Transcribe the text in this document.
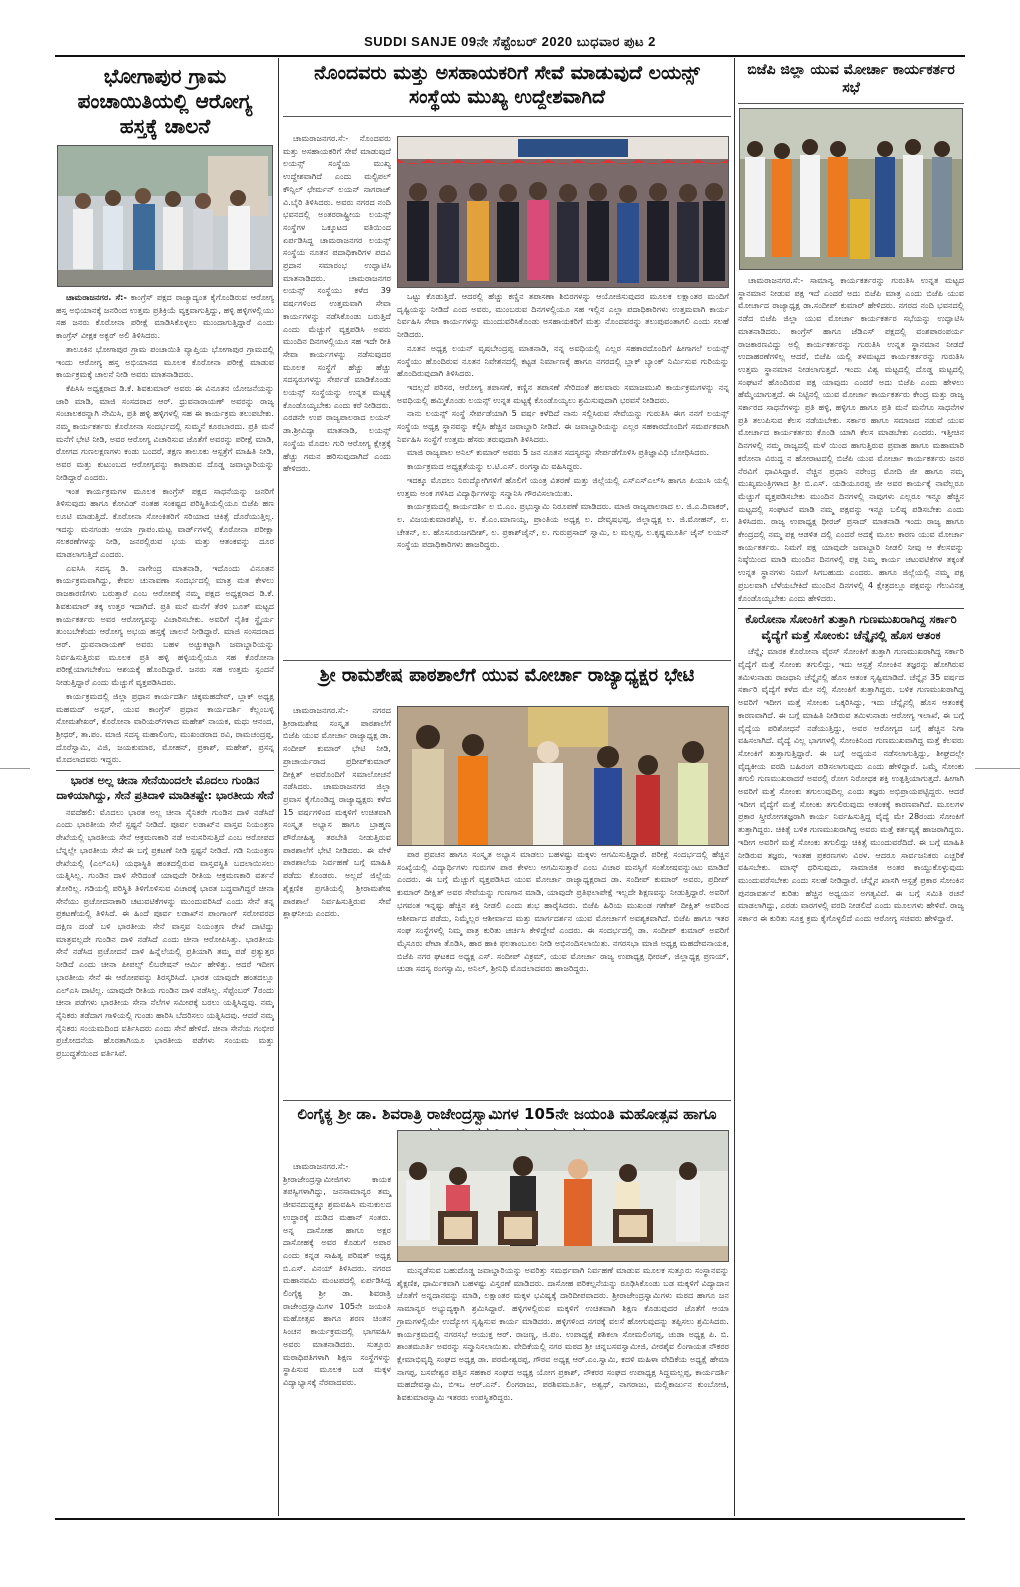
SUDDI SANJE 09ನೇ ಸೆಪ್ಟೆಂಬರ್ 2020 ಬುಧವಾರ ಪುಟ 2
ಭೋಗಾಪುರ ಗ್ರಾಮ ಪಂಚಾಯಿತಿಯಲ್ಲಿ ಆರೋಗ್ಯ ಹಸ್ತಕ್ಕೆ ಚಾಲನೆ

ಚಾಮರಾಜನಗರ. ಸೆ:- ಕಾಂಗ್ರೆಸ್ ಪಕ್ಷದ ರಾಜ್ಯಾದ್ಯಂತ ಕೈಗೊಂಡಿರುವ ಆರೋಗ್ಯ ಹಸ್ತ ಅಭಿಯಾನಕ್ಕೆ ಜನರಿಂದ ಉತ್ತಮ ಪ್ರತಿಕ್ರಿಯೆ ವ್ಯಕ್ತವಾಗುತ್ತಿದ್ದು, ಹಳ್ಳಿ ಹಳ್ಳಿಗಳಲ್ಲಿಯು ಸಹ ಜನರು ಕೊರೋನಾ ಪರೀಕ್ಷೆ ಮಾಡಿಸಿಕೊಳ್ಳಲು ಮುಂದಾಗುತ್ತಿದ್ದಾರೆ ಎಂದು ಕಾಂಗ್ರೆಸ್ ವೀಕ್ಷಕ ಅಕ್ಬರ್ ಅಲಿ ತಿಳಿಸಿದರು.

ತಾಲೂಕಿನ ಭೋಗಾಪುರ ಗ್ರಾಮ ಪಂಚಾಯಿತಿ ವ್ಯಾಪ್ತಿಯ ಭೋಗಾಪುರ ಗ್ರಾಮದಲ್ಲಿ ಇಂದು ಆರೋಗ್ಯ ಹಸ್ತ ಅಭಿಯಾನದ ಮೂಲಕ ಕೊರೋನಾ ಪರೀಕ್ಷೆ ಮಾಡುವ ಕಾರ್ಯಕ್ರಮಕ್ಕೆ ಚಾಲನೆ ನೀಡಿ ಅವರು ಮಾತನಾಡಿದರು.

ಕೆಪಿಸಿಸಿ ಅಧ್ಯಕ್ಷರಾದ ಡಿ.ಕೆ. ಶಿವಕುಮಾರ್ ಅವರು ಈ ವಿನೂತನ ಯೋಜನೆಯನ್ನು ಜಾರಿ ಮಾಡಿ, ಮಾಜಿ ಸಂಸದರಾದ ಆರ್. ಧ್ರುವನಾರಾಯಣ್ ಅವರನ್ನು ರಾಜ್ಯ ಸಂಚಾಲಕರನ್ನಾಗಿ ನೇಮಿಸಿ, ಪ್ರತಿ ಹಳ್ಳಿ ಹಳ್ಳಿಗಳಲ್ಲಿ ಸಹ ಈ ಕಾರ್ಯಕ್ರಮ ತಲುಪಬೇಕು. ನಮ್ಮ ಕಾರ್ಯಕರ್ತರು ಕೊರೋನಾ ಸಂದರ್ಭದಲ್ಲಿ ಸುಮ್ಮನೆ ಕೂರಬಾರದು. ಪ್ರತಿ ಮನೆ ಮನೆಗೆ ಭೇಟಿ ನೀಡಿ, ಅವರ ಆರೋಗ್ಯ ವಿಚಾರಿಸುವ ಜೊತೆಗೆ ಅವರನ್ನು ಪರೀಕ್ಷೆ ಮಾಡಿ, ರೋಗದ ಗುಣಲಕ್ಷಣಗಳು ಕಂಡು ಬಂದರೆ, ತಕ್ಷಣ ತಾಲೂಕು ಆಸ್ಪತ್ರೆಗೆ ಮಾಹಿತಿ ನೀಡಿ, ಅವರ ಮತ್ತು ಕುಟುಂಬದ ಆರೋಗ್ಯವನ್ನು ಕಾಪಾಡುವ ದೊಡ್ಡ ಜವಾಬ್ದಾರಿಯನ್ನು ನೀಡಿದ್ದಾರೆ ಎಂದರು.

ಇಂತ ಕಾರ್ಯಕ್ರಮಗಳ ಮೂಲಕ ಕಾಂಗ್ರೆಸ್ ಪಕ್ಷದ ಸಾಧನೆಯನ್ನು ಜನರಿಗೆ ತಿಳಿಸುವುದು ಹಾಗೂ ಕೋವಿಡ್ ನಂತಹ ಸಂಕಷ್ಟದ ಪರಿಸ್ಥಿತಿಯಲ್ಲಿಯೂ ಬಿಜೆಪಿ ಹಣ ಲೂಟಿ ಮಾಡುತ್ತಿದೆ. ಕೊರೋನಾ ಸೋಂಕಿತರಿಗೆ ಸರಿಯಾದ ಚಿಕಿತ್ಸೆ ದೊರೆಯುತ್ತಿಲ್ಲ. ಇದನ್ನು ಮನಗಂಡು ಆಯಾ ಗ್ರಾಪಂ.ಮಟ್ಟ ವಾರ್ಡ್‌ಗಳಲ್ಲಿ ಕೊರೋನಾ ಪರೀಕ್ಷಾ ಸಲಕರಣೆಗಳನ್ನು ನೀಡಿ, ಜನರಲ್ಲಿರುವ ಭಯ ಮತ್ತು ಆತಂಕವನ್ನು ದೂರ ಮಾಡಲಾಗುತ್ತಿದೆ ಎಂದರು.

ಎಐಸಿಸಿ ಸದಸ್ಯ ಡಿ. ನಾಗೇಂದ್ರ ಮಾತನಾಡಿ, ಇದೊಂದು ವಿನೂತನ ಕಾರ್ಯಕ್ರಮವಾಗಿದ್ದು, ಕೇವಲ ಚುನಾವಣಾ ಸಂದರ್ಭದಲ್ಲಿ ಮಾತ್ರ ಮತ ಕೇಳಲು ರಾಜಕಾರಣಿಗಳು ಬರುತ್ತಾರೆ ಎಂಬ ಆರೋಪಕ್ಕೆ ನಮ್ಮ ಪಕ್ಷದ ಅಧ್ಯಕ್ಷರಾದ ಡಿ.ಕೆ. ಶಿವಕುಮಾರ್ ತಕ್ಕ ಉತ್ತರ ಇದಾಗಿದೆ. ಪ್ರತಿ ಮನೆ ಮನೆಗೆ ತೆರಳಿ ಬೂತ್ ಮಟ್ಟದ ಕಾರ್ಯಕರ್ತರು ಅವರ ಆರೋಗ್ಯವನ್ನು ವಿಚಾರಿಸಬೇಕು. ಅವರಿಗೆ ನೈತಿಕ ಸ್ಥೈರ್ಯ ತುಂಬಬೇಕೆಂದು ಆರೋಗ್ಯ ಅಭಯ ಹಸ್ತಕ್ಕೆ ಚಾಲನೆ ನೀಡಿದ್ದಾರೆ. ಮಾಜಿ ಸಂಸದರಾದ ಆರ್. ಧ್ರುವನಾರಾಯಣ್ ಅವರು ಬಹಳ ಅಚ್ಚುಕಟ್ಟಾಗಿ ಜವಾಬ್ದಾರಿಯನ್ನು ನಿರ್ವಹಿಸುತ್ತಿರುವ ಮೂಲಕ ಪ್ರತಿ ಹಳ್ಳಿ ಹಳ್ಳಿಯಲ್ಲಿಯೂ ಸಹ ಕೊರೋನಾ ಪರೀಕ್ಷೆಯಾಗಬೇಕೆಂಬ ಆಶಯಕ್ಕೆ ಹೊಂದಿದ್ದಾರೆ. ಜನರು ಸಹ ಉತ್ತಮ ಸ್ಪಂದನೆ ನೀಡುತ್ತಿದ್ದಾರೆ ಎಂದು ಮೆಚ್ಚುಗೆ ವ್ಯಕ್ತಪಡಿಸಿದರು.

ಕಾರ್ಯಕ್ರಮದಲ್ಲಿ ಜಿಲ್ಲಾ ಪ್ರಧಾನ ಕಾರ್ಯದರ್ಶಿ ಚಿಕ್ಕಮಹದೇವ್, ಬ್ಲಾಕ್ ಅಧ್ಯಕ್ಷ ಮಹಮದ್ ಅಸ್ಗರ್, ಯುವ ಕಾಂಗ್ರೆಸ್ ಪ್ರಧಾನ ಕಾರ್ಯದರ್ಶಿ ಕೆಲ್ಲಂಬಳ್ಳಿ ಸೋಮಶೇಖರ್, ಕೊರೋನಾ ವಾರಿಯರ್‌ಗಳಾದ ಮಹೇಶ್ ನಾಯಕ, ಮಧು ಆನಂದ, ಶ್ರೀಧರ್, ತಾ.ಪಂ. ಮಾಜಿ ಸದಸ್ಯ ಮಹಾಲಿಂಗು, ಮುಖಂಡರಾದ ರವಿ, ರಾಮಚಂದ್ರಪ್ಪ, ದೊರೆಸ್ವಾಮಿ, ವಿಜಿ, ಜಯಕುಮಾರ, ಮೋಹನ್, ಪ್ರಕಾಶ್, ಮಹೇಶ್, ಪ್ರಸನ್ನ ಮೊದಲಾದವರು ಇದ್ದರು.

ಭಾರತ ಅಲ್ಲ ಚೀನಾ ಸೇನೆಯಿಂದಲೇ ಮೊದಲು ಗುಂಡಿನ ದಾಳಿಯಾಗಿದ್ದು, ಸೇನೆ ಪ್ರತಿದಾಳಿ ಮಾಡಿತಷ್ಟೇ: ಭಾರತೀಯ ಸೇನೆ

ನವದೆಹಲಿ: ಮೊದಲು ಭಾರತ ಅಲ್ಲ ಚೀನಾ ಸೈನಿಕರೇ ಗುಂಡಿನ ದಾಳಿ ನಡೆಸಿದೆ ಎಂದು ಭಾರತೀಯ ಸೇನೆ ಸ್ಪಷ್ಟನೆ ನೀಡಿದೆ. ಪೂರ್ವ ಲಡಾಖ್‌ನ ವಾಸ್ತವ ನಿಯಂತ್ರಣ ರೇಖೆಯಲ್ಲಿ ಭಾರತೀಯ ಸೇನೆ ಆಕ್ರಮಣಕಾರಿ ನಡೆ ಅನುಸರಿಸುತ್ತಿದೆ ಎಂಬ ಆರೋಪದ ಬೆನ್ನಲ್ಲೇ ಭಾರತೀಯ ಸೇನೆ ಈ ಬಗ್ಗೆ ಪ್ರಕಟಣೆ ನೀಡಿ ಸ್ಪಷ್ಟನೆ ನೀಡಿದೆ. ಗಡಿ ನಿಯಂತ್ರಣ ರೇಖೆಯಲ್ಲಿ (ಎಲ್‌ಎಸಿ) ಯಥಾಸ್ಥಿತಿ ಹಂತದಲ್ಲಿರುವ ವಾಸ್ತವಸ್ಥಿತಿ ಬದಲಾಯಿಸಲು ಯತ್ನಿಸಿಲ್ಲ. ಗುಂಡಿನ ದಾಳಿ ಸೇರಿದಂತೆ ಯಾವುದೇ ರೀತಿಯ ಆಕ್ರಮಣಕಾರಿ ವರ್ತನೆ ತೋರಿಲ್ಲ. ಗಡಿಯಲ್ಲಿ ಪರಿಸ್ಥಿತಿ ತಿಳಿಗೊಳಿಸುವ ವಿಚಾರಕ್ಕೆ ಭಾರತ ಬದ್ಧವಾಗಿದ್ದರೆ ಚೀನಾ ಸೇನೆಯು ಪ್ರಚೋದನಾಕಾರಿ ಚಟುವಟಿಕೆಗಳನ್ನು ಮುಂದುವರಿಸಿದೆ ಎಂದು ಸೇನೆ ತನ್ನ ಪ್ರಕಟಣೆಯಲ್ಲಿ ತಿಳಿಸಿದೆ. ಈ ಹಿಂದೆ ಪೂರ್ವ ಲಡಾಖ್‌ನ ಪಾಂಗಾಂಗ್ ಸರೋವರದ ದಕ್ಷಿಣ ದಂಡೆ ಬಳಿ ಭಾರತೀಯ ಸೇನೆ ವಾಸ್ತವ ನಿಯಂತ್ರಣ ರೇಖೆ ದಾಟಿದ್ದು ಮಾತ್ರವಲ್ಲದೇ ಗುಂಡಿನ ದಾಳಿ ನಡೆಸಿದೆ ಎಂದು ಚೀನಾ ಆರೋಪಿಸಿತ್ತು. ಭಾರತೀಯ ಸೇನೆ ನಡೆಸಿದ ಪ್ರಚೋದನೆ ದಾಳಿ ಹಿನ್ನೆಲೆಯಲ್ಲಿ ಪ್ರತಿಯಾಗಿ ತಮ್ಮ ಪಡೆ ಪ್ರತ್ಯುತ್ತರ ನೀಡಿದೆ ಎಂದು ಚೀನಾ ಪೀಪಲ್ಸ್ ಲಿಬರೇಷನ್ ಆರ್ಮಿ ಹೇಳಿತ್ತು. ಆದರೆ ಇದೀಗ ಭಾರತೀಯ ಸೇನೆ ಈ ಆರೋಪವನ್ನು ತಿರಸ್ಕರಿಸಿದೆ. ಭಾರತ ಯಾವುದೇ ಹಂತದಲ್ಲೂ ಎಲ್‌ಎಸಿ ದಾಟಿಲ್ಲ. ಯಾವುದೇ ರೀತಿಯ ಗುಂಡಿನ ದಾಳಿ ನಡೆಸಿಲ್ಲ. ಸೆಪ್ಟೆಂಬರ್ 7ರಂದು ಚೀನಾ ಪಡೆಗಳು ಭಾರತೀಯ ಸೇನಾ ನೆಲೆಗಳ ಸಮೀಪಕ್ಕೆ ಬರಲು ಯತ್ನಿಸಿದ್ದವು. ನಮ್ಮ ಸೈನಿಕರು ತಡೆದಾಗ ಗಾಳಿಯಲ್ಲಿ ಗುಂಡು ಹಾರಿಸಿ ಬೆದರಿಸಲು ಯತ್ನಿಸಿದವು. ಆದರೆ ನಮ್ಮ ಸೈನಿಕರು ಸಂಯಮದಿಂದ ವರ್ತಿಸಿದರು ಎಂದು ಸೇನೆ ಹೇಳಿದೆ. ಚೀನಾ ಸೇನೆಯ ಗಂಭೀರ ಪ್ರಚೋದನೆಯ ಹೊರತಾಗಿಯೂ ಭಾರತೀಯ ಪಡೆಗಳು ಸಂಯಮ ಮತ್ತು ಪ್ರಬುದ್ಧತೆಯಿಂದ ವರ್ತಿಸಿವೆ.

ನೊಂದವರು ಮತ್ತು ಅಸಹಾಯಕರಿಗೆ ಸೇವೆ ಮಾಡುವುದೆ ಲಯನ್ಸ್ ಸಂಸ್ಥೆಯ ಮುಖ್ಯ ಉದ್ದೇಶವಾಗಿದೆ

ಚಾಮರಾಜನಗರ.ಸೆ:- ನೊಂದವರು ಮತ್ತು ಅಸಹಾಯಕರಿಗೆ ಸೇವೆ ಮಾಡುವುದೆ ಲಯನ್ಸ್ ಸಂಸ್ಥೆಯ ಮುಖ್ಯ ಉದ್ದೇಶವಾಗಿದೆ ಎಂದು ಮಲ್ಟಿಪಲ್ ಕೌನ್ಸಿಲ್ ಛೇರ್ಮನ್ ಲಯನ್ ನಾಗರಾಜ್ ವಿ.ಬೈರಿ ತಿಳಿಸಿದರು. ಅವರು ನಗರದ ನಂದಿ ಭವನದಲ್ಲಿ ಅಂತರರಾಷ್ಟ್ರೀಯ ಲಯನ್ಸ್ ಸಂಸ್ಥೆಗಳ ಒಕ್ಕೂಟದ ವತಿಯಿಂದ ಏರ್ಪಡಿಸಿದ್ದ ಚಾಮರಾಜನಗರ ಲಯನ್ಸ್ ಸಂಸ್ಥೆಯ ನೂತನ ಪದಾಧಿಕಾರಿಗಳ ಪದವಿ ಪ್ರದಾನ ಸಮಾರಂಭ ಉದ್ಘಾಟಿಸಿ ಮಾತನಾಡಿದರು. ಚಾಮರಾಜನಗರ ಲಯನ್ಸ್ ಸಂಸ್ಥೆಯು ಕಳೆದ 39 ವರ್ಷಗಳಿಂದ ಉತ್ತಮವಾಗಿ ಸೇವಾ ಕಾರ್ಯಗಳನ್ನು ನಡೆಸಿಕೊಂಡು ಬರುತ್ತಿದೆ ಎಂದು ಮೆಚ್ಚುಗೆ ವ್ಯಕ್ತಪಡಿಸಿ ಅವರು ಮುಂದಿನ ದಿನಗಳಲ್ಲಿಯೂ ಸಹ ಇದೇ ರೀತಿ ಸೇವಾ ಕಾರ್ಯಗಳನ್ನು ನಡೆಸುವುದರ ಮೂಲಕ ಸಂಸ್ಥೆಗೆ ಹೆಚ್ಚು ಹೆಚ್ಚು ಸದಸ್ಯರುಗಳನ್ನು ಸೇರ್ಪಡೆ ಮಾಡಿಕೊಂಡು ಲಯನ್ಸ್ ಸಂಸ್ಥೆಯನ್ನು ಉನ್ನತ ಮಟ್ಟಕ್ಕೆ ಕೊಂಡೊಯ್ಯಬೇಕು ಎಂದು ಕರೆ ನೀಡಿದರು. ಎರಡನೇ ಉಪ ರಾಜ್ಯಪಾಲರಾದ ಲಯನ್ ಡಾ.ಶ್ರೀವಿದ್ಯಾ ಮಾತನಾಡಿ, ಲಯನ್ಸ್ ಸಂಸ್ಥೆಯ ಮೊದಲ ಗುರಿ ಆರೋಗ್ಯ ಕ್ಷೇತ್ರಕ್ಕೆ ಹೆಚ್ಚು ಗಮನ ಹರಿಸುವುದಾಗಿದೆ ಎಂದು ಹೇಳಿದರು.

ಒಟ್ಟು ಕೊಡುತ್ತಿದೆ. ಆದರಲ್ಲಿ ಹೆಚ್ಚು ಕಣ್ಣಿನ ತಪಾಸಣಾ ಶಿಬಿರಗಳನ್ನು ಆಯೋಜಿಸುವುದರ ಮೂಲಕ ಲಕ್ಷಾಂತರ ಮಂದಿಗೆ ದೃಷ್ಟಿಯನ್ನು ನೀಡಿದೆ ಎಂದ ಅವರು, ಮುಂಬರುವ ದಿನಗಳಲ್ಲಿಯೂ ಸಹ ಇಲ್ಲಿನ ಎಲ್ಲಾ ಪದಾಧಿಕಾರಿಗಳು ಉತ್ತಮವಾಗಿ ಕಾರ್ಯ ನಿರ್ವಹಿಸಿ ಸೇವಾ ಕಾರ್ಯಗಳನ್ನು ಮುಂದುವರಿಸಿಕೊಂಡು ಅಸಹಾಯಕರಿಗೆ ಮತ್ತು ನೊಂದವರನ್ನು ತಲುಪುವಂತಾಗಲಿ ಎಂದು ಸಲಹೆ ನೀಡಿದರು.

ನೂತನ ಅಧ್ಯಕ್ಷ ಲಯನ್ ವೃಷಬೇಂದ್ರಪ್ಪ ಮಾತನಾಡಿ, ನನ್ನ ಅವಧಿಯಲ್ಲಿ ಎಲ್ಲರ ಸಹಕಾರದೊಂದಿಗೆ ಹೀಗಾಗಲೆ ಲಯನ್ಸ್ ಸಂಸ್ಥೆಯು ಹೊಂದಿರುವ ನೂತನ ನಿವೇಶನದಲ್ಲಿ ಕಟ್ಟಡ ನಿರ್ಮಾಣಕ್ಕೆ ಹಾಗೂ ನಗರದಲ್ಲಿ ಬ್ಲಾಕ್ ಬ್ಯಾಂಕ್ ನಿರ್ಮಿಸುವ ಗುರಿಯನ್ನು ಹೊಂದಿರುವುದಾಗಿ ತಿಳಿಸಿದರು.

ಇದಲ್ಲದೆ ಪರಿಸರ, ಆರೋಗ್ಯ ತಪಾಸಣೆ, ಕಣ್ಣಿನ ತಪಾಸಣೆ ಸೇರಿದಂತೆ ಹಲವಾರು ಸಮಾಜಮುಖಿ ಕಾರ್ಯಕ್ರಮಗಳನ್ನು ನನ್ನ ಅವಧಿಯಲ್ಲಿ ಹಮ್ಮಿಕೊಂಡು ಲಯನ್ಸ್ ಉನ್ನತ ಮಟ್ಟಕ್ಕೆ ಕೊಂಡೊಯ್ಯಲು ಶ್ರಮಿಸುವುದಾಗಿ ಭರವಸೆ ನೀಡಿದರು.

ನಾನು ಲಯನ್ಸ್ ಸಂಸ್ಥೆ ಸೇರ್ಪಡೆಯಾಗಿ 5 ವರ್ಷ ಕಳೆದಿದೆ ನಾನು ಸಲ್ಲಿಸಿರುವ ಸೇವೆಯನ್ನು ಗುರುತಿಸಿ ಈಗ ನನಗೆ ಲಯನ್ಸ್ ಸಂಸ್ಥೆಯ ಅಧ್ಯಕ್ಷ ಸ್ಥಾನವನ್ನು ಕಲ್ಪಿಸಿ ಹೆಚ್ಚಿನ ಜವಾಬ್ದಾರಿ ನೀಡಿದೆ. ಈ ಜವಾಬ್ದಾರಿಯನ್ನು ಎಲ್ಲರ ಸಹಕಾರದೊಂದಿಗೆ ಸಮರ್ಪಕವಾಗಿ ನಿರ್ವಹಿಸಿ ಸಂಸ್ಥೆಗೆ ಉತ್ತಮ ಹೆಸರು ತರುವುದಾಗಿ ತಿಳಿಸಿದರು.

ಮಾಜಿ ರಾಜ್ಯಪಾಲ ಅನಿಲ್ ಕುಮಾರ್ ಅವರು 5 ಜನ ನೂತನ ಸದಸ್ಯರನ್ನು ಸೇರ್ಪಡೆಗೊಳಿಸಿ ಪ್ರತಿಜ್ಞಾವಿಧಿ ಬೋಧಿಸಿದರು.

ಕಾರ್ಯಕ್ರಮದ ಅಧ್ಯಕ್ಷತೆಯನ್ನು ಲ.ಟಿ.ಎಸ್. ರಂಗಸ್ವಾಮಿ ವಹಿಸಿದ್ದರು.

ಇದಕ್ಕೂ ಮೊದಲು ನಿರುದ್ಯೋಗಿಗಳಿಗೆ ಹೊಲಿಗೆ ಯಂತ್ರ ವಿತರಣೆ ಮತ್ತು ಜಿಲ್ಲೆಯಲ್ಲಿ ಎಸ್‌ಎಸ್‌ಎಲ್‌ಸಿ ಹಾಗೂ ಪಿಯುಸಿ ಯಲ್ಲಿ ಉತ್ತಮ ಅಂಕ ಗಳಿಸಿದ ವಿದ್ಯಾರ್ಥಿಗಳನ್ನು ಸನ್ಮಾನಿಸಿ ಗೌರವಿಸಲಾಯಿತು.

ಕಾರ್ಯಕ್ರಮದಲ್ಲಿ ಕಾರ್ಯದರ್ಶಿ ಲ ಬಿ.ಎಂ. ಪ್ರಭುಸ್ವಾಮಿ ನಿರೂಪಣೆ ಮಾಡಿದರು. ಮಾಜಿ ರಾಜ್ಯಪಾಲರಾದ ಲ. ಜಿ.ಎ.ದಿವಾಕರ್, ಲ. ವಿಜಯಕುಮಾರಶೆಟ್ಟಿ, ಲ. ಕೆ.ಎಂ.ಮಾಣಯ್ಯ, ಪ್ರಾಂತಿಯ ಅಧ್ಯಕ್ಷ ಲ. ದೇವೃಷಭಪ್ಪ, ಜಿಲ್ಲಾಧ್ಯಕ್ಷ ಲ. ಜಿ.ಮೋಹನ್, ಲ. ಚೇತನ್, ಲ. ಹೊಸೂರುಜಗದೀಶ್, ಲ. ಪ್ರಕಾಶ್‌ಜೈನ್, ಲ. ಗುರುಪ್ರಸಾದ್ ಸ್ವಾಮಿ, ಲ ಮಲ್ಲಪ್ಪ, ಲ.ಕೃಷ್ಣಮೂರ್ತಿ ಜೈನ್ ಲಯನ್ ಸಂಸ್ಥೆಯ ಪದಾಧಿಕಾರಿಗಳು ಹಾಜರಿದ್ದರು.

ಶ್ರೀ ರಾಮಶೇಷ ಪಾಠಶಾಲೆಗೆ ಯುವ ಮೋರ್ಚಾ ರಾಜ್ಯಾಧ್ಯಕ್ಷರ ಭೇಟಿ

ಚಾಮರಾಜನಗರ.ಸೆ:- ನಗರದ ಶ್ರೀರಾಮಶೇಷ ಸಂಸ್ಕೃತ ಪಾಠಶಾಲೆಗೆ ಬಿಜೆಪಿ ಯುವ ಮೋರ್ಚಾ ರಾಜ್ಯಾಧ್ಯಕ್ಷ ಡಾ. ಸಂದೀಪ್ ಕುಮಾರ್ ಭೇಟಿ ನೀಡಿ, ಪ್ರಾಚಾರ್ಯರಾದ ಪ್ರದೀಪ್‌ಕುಮಾರ್ ದೀಕ್ಷಿತ್ ಅವರೊಂದಿಗೆ ಸಮಾಲೋಚನೆ ನಡೆಸಿದರು. ಚಾಮರಾಜನಗರ ಜಿಲ್ಲಾ ಪ್ರವಾಸ ಕೈಗೊಂಡಿದ್ದ ರಾಜ್ಯಾಧ್ಯಕ್ಷರು ಕಳೆದ 15 ವರ್ಷಗಳಿಂದ ಮಕ್ಕಳಿಗೆ ಉಚಿತವಾಗಿ ಸಂಸ್ಕೃತ ಅಭ್ಯಾಸ ಹಾಗೂ ಬ್ರಾಹ್ಮಣ ಪೌರೋಹಿತ್ಯ ತರಬೇತಿ ನೀಡುತ್ತಿರುವ ಪಾಠಶಾಲೆಗೆ ಭೇಟಿ ನೀಡಿದರು. ಈ ವೇಳೆ ಪಾಠಶಾಲೆಯ ನಿರ್ವಹಣೆ ಬಗ್ಗೆ ಮಾಹಿತಿ ಪಡೆದು ಕೊಂಡರು. ಅಲ್ಲದೆ ಜಿಲ್ಲೆಯ ಶೈಕ್ಷಣಿಕ ಪ್ರಗತಿಯಲ್ಲಿ ಶ್ರೀರಾಮಶೇಷ ಪಾಠಶಾಲೆ ನಿರ್ವಹಿಸುತ್ತಿರುವ ಸೇವೆ ಶ್ಲಾಘನೀಯ ಎಂದರು.

ಪಾಠ ಪ್ರವಚನ ಹಾಗೂ ಸಂಸ್ಕೃತ ಅಭ್ಯಾಸ ಮಾಡಲು ಬಹಳಷ್ಟು ಮಕ್ಕಳು ಆಗಮಿಸುತ್ತಿದ್ದಾರೆ. ಪರೀಕ್ಷೆ ಸಂದರ್ಭದಲ್ಲಿ ಹೆಚ್ಚಿನ ಸಂಖ್ಯೆಯಲ್ಲಿ ವಿದ್ಯಾರ್ಥಿಗಳು ಗುರುಗಳ ಪಾಠ ಕೇಳಲು ಆಗಮಿಸುತ್ತಾರೆ ಎಂಬ ವಿಚಾರ ಮನಸ್ಸಿಗೆ ಸಂತೋಷವನ್ನುಂಟು ಮಾಡಿದೆ ಎಂದರು. ಈ ಬಗ್ಗೆ ಮೆಚ್ಚುಗೆ ವ್ಯಕ್ತಪಡಿಸಿದ ಯುವ ಮೋರ್ಚಾ ರಾಜ್ಯಾಧ್ಯಕ್ಷರಾದ ಡಾ. ಸಂದೀಪ್ ಕುಮಾರ್ ಅವರು, ಪ್ರದೀಪ್ ಕುಮಾರ್ ದೀಕ್ಷಿತ್ ಅವರ ಸೇವೆಯನ್ನು ಗುಣಗಾನ ಮಾಡಿ, ಯಾವುದೇ ಪ್ರತಿಫಲಾಪೇಕ್ಷೆ ಇಲ್ಲದೇ ಶಿಕ್ಷಣವನ್ನು ನೀಡುತ್ತಿದ್ದಾರೆ. ಅವರಿಗೆ ಭಗವಂತ ಇನ್ನಷ್ಟು ಹೆಚ್ಚಿನ ಶಕ್ತಿ ನೀಡಲಿ ಎಂದು ಶುಭ ಹಾರೈಸಿದರು. ಬಿಜೆಪಿ ಹಿರಿಯ ಮುಖಂಡ ಗಣೇಶ್ ದೀಕ್ಷಿತ್ ಅವರಿಂದ ಆಶೀರ್ವಾದ ಪಡೆದು, ನಿಮ್ಮೆಲ್ಲರ ಆಶೀರ್ವಾದ ಮತ್ತು ಮಾರ್ಗದರ್ಶನ ಯುವ ಮೋರ್ಚಾಗೆ ಅವಶ್ಯಕವಾಗಿದೆ. ಬಿಜೆಪಿ ಹಾಗೂ ಇತರ ಸಂಘ ಸಂಸ್ಥೆಗಳಲ್ಲಿ ನಿಮ್ಮ ಪಾತ್ರ ಕುರಿತು ಚರ್ಚಿಸಿ ಕೇಳಿದ್ದೇವೆ ಎಂದರು. ಈ ಸಂದರ್ಭದಲ್ಲಿ ಡಾ. ಸಂದೀಪ್ ಕುಮಾರ್ ಅವರಿಗೆ ಮೈಸೂರು ಪೇಟಾ ತೊಡಿಸಿ, ಹಾರ ಹಾಕಿ ಫಲತಾಂಬೂಲ ನೀಡಿ ಅಭಿನಂದಿಸಲಾಯಿತು. ನಗರಸಭಾ ಮಾಜಿ ಅಧ್ಯಕ್ಷ ಮಹದೇವನಾಯಕ, ಬಿಜೆಪಿ ನಗರ ಘಟಕದ ಅಧ್ಯಕ್ಷ ಎಸ್. ಸಂದೀಪ್ ವಿಕ್ರಮ್, ಯುವ ಮೋರ್ಚಾ ರಾಜ್ಯ ಉಪಾಧ್ಯಕ್ಷ ಧೀರಜ್, ಜಿಲ್ಲಾಧ್ಯಕ್ಷ ಪ್ರಣಯ್, ಚುಡಾ ಸದಸ್ಯ ರಂಗಸ್ವಾಮಿ, ಅನಿಲ್, ಶ್ರೀನಿಧಿ ಮೊದಲಾದವರು ಹಾಜರಿದ್ದರು.

ಲಿಂಗೈಕ್ಯ ಶ್ರೀ ಡಾ. ಶಿವರಾತ್ರಿ ರಾಜೇಂದ್ರಸ್ವಾಮಿಗಳ 105ನೇ ಜಯಂತಿ ಮಹೋತ್ಸವ ಹಾಗೂ

ಚಾಮರಾಜನಗರ.ಸೆ:- ಶ್ರೀರಾಜೇಂದ್ರಸ್ವಾಮೀಜಿಗಳು ಕಾಯಕ ತಪಸ್ವಿಗಳಾಗಿದ್ದು, ಜನಸಾಮಾನ್ಯರ ತಮ್ಮ ಜೀವನದುದ್ದಕ್ಕೂ ಶ್ರಮವಹಿಸಿ ಮನುಕುಲದ ಉದ್ಧಾರಕ್ಕೆ ದುಡಿದ ಮಹಾನ್ ಸಂತರು. ಅನ್ನ ದಾಸೋಹ ಹಾಗೂ ಅಕ್ಷರ ದಾಸೋಹಕ್ಕೆ ಅವರ ಕೊಡುಗೆ ಅಪಾರ ಎಂದು ಕನ್ನಡ ಸಾಹಿತ್ಯ ಪರಿಷತ್ ಅಧ್ಯಕ್ಷ ಬಿ.ಎಸ್. ವಿನಯ್ ತಿಳಿಸಿದರು. ನಗರದ ಮಹಾನವಮಿ ಮಂಟಪದಲ್ಲಿ ಏರ್ಪಡಿಸಿದ್ದ ಲಿಂಗೈಕ್ಯ ಶ್ರೀ ಡಾ. ಶಿವರಾತ್ರಿ ರಾಜೇಂದ್ರಸ್ವಾಮಿಗಳ 105ನೇ ಜಯಂತಿ ಮಹೋತ್ಸವ ಹಾಗೂ ಶರಣ ಚಿಂತನ ಸಿಂಚನ ಕಾರ್ಯಕ್ರಮದಲ್ಲಿ ಭಾಗವಹಿಸಿ ಅವರು ಮಾತನಾಡಿದರು. ಸುತ್ತೂರು ಮಠಾಧಿಪತಿಗಳಾಗಿ ಶಿಕ್ಷಣ ಸಂಸ್ಥೆಗಳನ್ನು ಸ್ಥಾಪಿಸುವ ಮೂಲಕ ಬಡ ಮಕ್ಕಳ ವಿದ್ಯಾಭ್ಯಾಸಕ್ಕೆ ನೆರವಾದವರು.

ಮುನ್ನಡೆಸುವ ಬಹುದೊಡ್ಡ ಜವಾಬ್ದಾರಿಯನ್ನು ಅವರಿತ್ತು ಸಮರ್ಥವಾಗಿ ನಿರ್ವಹಣೆ ಮಾಡುವ ಮೂಲಕ ಸುತ್ತೂರು ಸಂಸ್ಥಾನವನ್ನು ಶೈಕ್ಷಣಿಕ, ಧಾರ್ಮಿಕವಾಗಿ ಬಹಳಷ್ಟು ವಿಸ್ತರಣೆ ಮಾಡಿದರು. ದಾಸೋಹ ಪರಿಕಲ್ಪನೆಯನ್ನು ರೂಢಿಸಿಕೊಂಡು ಬಡ ಮಕ್ಕಳಿಗೆ ವಿದ್ಯಾದಾನ ಜೊತೆಗೆ ಅನ್ನದಾನವನ್ನು ಮಾಡಿ, ಲಕ್ಷಾಂತರ ಮಕ್ಕಳ ಭವಿಷ್ಯಕ್ಕೆ ದಾರಿದೀಪವಾದರು. ಶ್ರೀರಾಜೇಂದ್ರಸ್ವಾಮಿಗಳು ಮಠದ ಹಾಗೂ ಜನ ಸಾಮಾನ್ಯರ ಅಭ್ಯುದ್ಯಕ್ಕಾಗಿ ಶ್ರಮಿಸಿದ್ದಾರೆ. ಹಳ್ಳಿಗಳಲ್ಲಿರುವ ಮಕ್ಕಳಿಗೆ ಉಚಿತವಾಗಿ ಶಿಕ್ಷಣ ಕೊಡುವುದರ ಜೊತೆಗೆ ಆಯಾ ಗ್ರಾಮಗಳಲ್ಲಿಯೇ ಉದ್ಯೋಗ ಸೃಷ್ಟಿಸುವ ಕಾರ್ಯ ಮಾಡಿದರು. ಹಳ್ಳಿಗಳಿಂದ ನಗರಕ್ಕೆ ವಲಸೆ ಹೋಗುವುದನ್ನು ತಪ್ಪಿಸಲು ಶ್ರಮಿಸಿದರು. ಕಾರ್ಯಕ್ರಮದಲ್ಲಿ ನಗರಸಭೆ ಆಯುಕ್ತ ಆರ್. ರಾಜಣ್ಣ, ಜಿ.ಪಂ. ಉಪಾಧ್ಯಕ್ಷೆ ಶಶಿಕಲಾ ಸೋಮಲಿಂಗಪ್ಪ, ಚುಡಾ ಅಧ್ಯಕ್ಷ ಪಿ. ಬಿ. ಶಾಂತಮೂರ್ತಿ ಅವರನ್ನು ಸನ್ಮಾನಿಸಲಾಯಿತು. ವೇದಿಕೆಯಲ್ಲಿ ನಗರ ಮಠದ ಶ್ರೀ ಚನ್ನಬಸವಸ್ವಾಮೀಜಿ, ವೀರಶೈವ ಲಿಂಗಾಯತ ನೌಕರರ ಕ್ಷೇಮಾಭಿವೃದ್ಧಿ ಸಂಘದ ಅಧ್ಯಕ್ಷ ಡಾ. ಪರಮೇಶ್ವರಪ್ಪ, ಗೌರವ ಅಧ್ಯಕ್ಷ ಆರ್.ಎಂ.ಸ್ವಾಮಿ, ಕದಳಿ ಮಹಿಳಾ ವೇದಿಕೆಯ ಅಧ್ಯಕ್ಷೆ ಹೇಮಾ ನಾಗಪ್ಪ, ಬಸವೇಶ್ವರ ಪತ್ತಿನ ಸಹಕಾರ ಸಂಘದ ಅಧ್ಯಕ್ಷ ಯೋಗ ಪ್ರಕಾಶ್, ನೌಕರರ ಸಂಘದ ಉಪಾಧ್ಯಕ್ಷ ಸಿದ್ದಮಲ್ಲಪ್ಪ, ಕಾರ್ಯದರ್ಶಿ ಮಹದೇವಸ್ವಾಮಿ, ಬಿಇಒ ಆರ್.ಎನ್. ಲಿಂಗರಾಜು, ಪರಶಿವಮೂರ್ತಿ, ಅಶ್ವಥ್, ನಾಗರಾಜು, ಮಲ್ಲಿಕಾರ್ಜುನ ಕುಂಬೋಜಿ, ಶಿವಕುಮಾರಸ್ವಾಮಿ ಇತರರು ಉಪಸ್ಥಿತರಿದ್ದರು.

ಬಿಜೆಪಿ ಜಿಲ್ಲಾ ಯುವ ಮೋರ್ಚಾ ಕಾರ್ಯಕರ್ತರ ಸಭೆ

ಚಾಮರಾಜನಗರ.ಸೆ:- ಸಾಮಾನ್ಯ ಕಾರ್ಯಕರ್ತರನ್ನು ಗುರುತಿಸಿ ಉನ್ನತ ಮಟ್ಟದ ಸ್ಥಾನಮಾನ ನೀಡುವ ಪಕ್ಷ ಇದೆ ಎಂದರೆ ಅದು ಬಿಜೆಪಿ ಮಾತ್ರ ಎಂದು ಬಿಜೆಪಿ ಯುವ ಮೋರ್ಚಾದ ರಾಜ್ಯಾಧ್ಯಕ್ಷ ಡಾ.ಸಂದೀಪ್ ಕುಮಾರ್ ಹೇಳಿದರು. ನಗರದ ನಂದಿ ಭವನದಲ್ಲಿ ನಡೆದ ಬಿಜೆಪಿ ಜಿಲ್ಲಾ ಯುವ ಮೋರ್ಚಾ ಕಾರ್ಯಕರ್ತರ ಸಭೆಯನ್ನು ಉದ್ಘಾಟಿಸಿ ಮಾತನಾಡಿದರು. ಕಾಂಗ್ರೆಸ್ ಹಾಗೂ ಜೆಡಿಎಸ್ ಪಕ್ಷದಲ್ಲಿ ವಂಶಪಾರಂಪರ್ಯ ರಾಜಕಾರಣವಿದ್ದು ಅಲ್ಲಿ ಕಾರ್ಯಕರ್ತರನ್ನು ಗುರುತಿಸಿ ಉನ್ನತ ಸ್ಥಾನಮಾನ ನೀಡದೆ ಉದಾಹರಣೆಗಳಿಲ್ಲ ಆದರೆ, ಬಿಜೆಪಿ ಯಲ್ಲಿ ತಳಮಟ್ಟದ ಕಾರ್ಯಕರ್ತರನ್ನು ಗುರುತಿಸಿ ಉತ್ತಮ ಸ್ಥಾನಮಾನ ನೀಡಲಾಗುತ್ತದೆ. ಇಂದು ವಿಶ್ವ ಮಟ್ಟದಲ್ಲಿ ದೊಡ್ಡ ಮಟ್ಟದಲ್ಲಿ ಸಂಘಟನೆ ಹೊಂದಿರುವ ಪಕ್ಷ ಯಾವುದು ಎಂದರೆ ಅದು ಬಿಜೆಪಿ ಎಂದು ಹೇಳಲು ಹೆಮ್ಮೆಯಾಗುತ್ತದೆ. ಈ ನಿಟ್ಟಿನಲ್ಲಿ ಯುವ ಮೋರ್ಚಾ ಕಾರ್ಯಕರ್ತರು ಕೇಂದ್ರ ಮತ್ತು ರಾಜ್ಯ ಸರ್ಕಾರದ ಸಾಧನೆಗಳನ್ನು ಪ್ರತಿ ಹಳ್ಳಿ, ಹಳ್ಳಿಗೂ ಹಾಗೂ ಪ್ರತಿ ಮನೆ ಮನೆಗೂ ಸಾಧನೆಗಳ ಪ್ರತಿ ತಲುಪಿಸುವ ಕೆಲಸ ನಡೆಯಬೇಕು. ಸರ್ಕಾರ ಹಾಗೂ ಸಮಾಜದ ನಡುವೆ ಯುವ ಮೋರ್ಚಾದ ಕಾರ್ಯಕರ್ತರು ಕೊಂಡಿ ಯಾಗಿ ಕೆಲಸ ಮಾಡಬೇಕು ಎಂದರು. ಇತ್ತೀಚಿನ ದಿನಗಳಲ್ಲಿ ನಮ್ಮ ರಾಜ್ಯದಲ್ಲಿ ಮಳೆ ಯಿಂದ ಹಾಗುತ್ತಿರುವ ಪ್ರವಾಹ ಹಾಗೂ ಮಹಾಮಾರಿ ಕರೋನಾ ವಿರುದ್ಧ ನ ಹೋರಾಟದಲ್ಲಿ ಬಿಜೆಪಿ ಯುವ ಮೋರ್ಚಾ ಕಾರ್ಯಕರ್ತರು ಜನರ ನೆರವಿಗೆ ಧಾವಿಸಿದ್ದಾರೆ. ನೆಚ್ಚಿನ ಪ್ರಧಾನಿ ನರೇಂದ್ರ ಮೋದಿ ಜೀ ಹಾಗೂ ನಮ್ಮ ಮುಖ್ಯಮಂತ್ರಿಗಳಾದ ಶ್ರೀ ಬಿ.ಎಸ್. ಯಡಿಯೂರಪ್ಪ ಜೀ ಅವರ ಕಾರ್ಯಕ್ಕೆ ನಾವೆಲ್ಲರೂ ಮೆಚ್ಚುಗೆ ವ್ಯಕ್ತಪಡಿಸಬೇಕು ಮುಂದಿನ ದಿನಗಳಲ್ಲಿ ನಾವುಗಳು ಎಲ್ಲರೂ ಇನ್ನೂ ಹೆಚ್ಚಿನ ಮಟ್ಟದಲ್ಲಿ ಸಂಘಟನೆ ಮಾಡಿ ನಮ್ಮ ಪಕ್ಷವನ್ನು ಇನ್ನೂ ಬಲಿಷ್ಠ ಪಡಿಸಬೇಕು ಎಂದು ತಿಳಿಸಿದರು. ರಾಜ್ಯ ಉಪಾಧ್ಯಕ್ಷ ಧೀರಜ್ ಪ್ರಸಾದ್ ಮಾತನಾಡಿ ಇಂದು ರಾಜ್ಯ ಹಾಗೂ ಕೇಂದ್ರದಲ್ಲಿ ನಮ್ಮ ಪಕ್ಷ ಆಡಳಿತ ದಲ್ಲಿ ಎಂದರೆ ಅದಕ್ಕೆ ಮೂಲ ಕಾರಣ ಯುವ ಮೋರ್ಚಾ ಕಾರ್ಯಕರ್ತರು. ನಿಮಗೆ ಪಕ್ಷ ಯಾವುದೇ ಜವಾಬ್ದಾರಿ ನೀಡಲಿ ನೀವು ಆ ಕೆಲಸವನ್ನು ನಿಷ್ಠೆಯಿಂದ ಮಾಡಿ ಮುಂದಿನ ದಿನಗಳಲ್ಲಿ ಪಕ್ಷ ನಿಮ್ಮ ಕಾರ್ಯ ಚಟುವಟಿಕೆಗಳ ತಕ್ಕಂತೆ ಉನ್ನತ ಸ್ಥಾನಗಳು ನಿಮಗೆ ಸಿಗಬಹುದು ಎಂದರು. ಹಾಗೂ ಜಿಲ್ಲೆಯಲ್ಲಿ ನಮ್ಮ ಪಕ್ಷ ಪ್ರಬಲವಾಗಿ ಬೆಳೆಯಬೇಕಿದೆ ಮುಂದಿನ ದಿನಗಳಲ್ಲಿ 4 ಕ್ಷೇತ್ರದಲ್ಲೂ ಪಕ್ಷವನ್ನು ಗೆಲುವಿನತ್ತ ಕೊಂಡೊಯ್ಯಬೇಕು ಎಂದು ಹೇಳಿದರು.

ಕೊರೋನಾ ಸೋಂಕಿಗೆ ತುತ್ತಾಗಿ ಗುಣಮುಖರಾಗಿದ್ದ ಸರ್ಕಾರಿ ವೈದ್ಯೆಗೆ ಮತ್ತೆ ಸೋಂಕು: ಚೆನ್ನೈನಲ್ಲಿ ಹೊಸ ಆತಂಕ

ಚೆನ್ನೈ: ಮಾರಕ ಕೊರೋನಾ ವೈರಸ್ ಸೋಂಕಿಗೆ ತುತ್ತಾಗಿ ಗುಣಮುಖರಾಗಿದ್ದ ಸರ್ಕಾರಿ ವೈದ್ಯೆಗೆ ಮತ್ತೆ ಸೋಂಕು ತಗುಲಿದ್ದು, ಇದು ಆಸ್ಪತ್ರೆ ಸೋಂಕಿನ ತಜ್ಞರನ್ನು ಹೋಗಿರುವ ತಮಿಳುನಾಡು ರಾಜಧಾನಿ ಚೆನ್ನೈನಲ್ಲಿ ಹೊಸ ಆತಂಕ ಸೃಷ್ಟಿಮಾಡಿದೆ. ಚೆನ್ನೈನ 35 ವರ್ಷದ ಸರ್ಕಾರಿ ವೈದ್ಯೆಗೆ ಕಳೆದ ಮೇ ನಲ್ಲಿ ಸೋಂಕಿಗೆ ತುತ್ತಾಗಿದ್ದರು. ಬಳಿಕ ಗುಣಮುಖರಾಗಿದ್ದ ಅವರಿಗೆ ಇದೀಗ ಮತ್ತೆ ಸೋಂಕು ಒಕ್ಕರಿಸಿದ್ದು, ಇದು ಚೆನ್ನೈನಲ್ಲಿ ಹೊಸ ಆತಂಕಕ್ಕೆ ಕಾರಣವಾಗಿದೆ. ಈ ಬಗ್ಗೆ ಮಾಹಿತಿ ನೀಡಿರುವ ತಮಿಳುನಾಡು ಆರೋಗ್ಯ ಇಲಾಖೆ, ಈ ಬಗ್ಗೆ ವೈದ್ಯೆಯ ಪರಿಶೋಧನೆ ನಡೆಯುತ್ತಿದ್ದು, ಅವರ ಆರೋಗ್ಯದ ಬಗ್ಗೆ ಹೆಚ್ಚಿನ ನಿಗಾ ವಹಿಸಲಾಗಿದೆ. ವೈದ್ಯೆ ವಿಲ್ಲ ಭಾಗಗಳಲ್ಲಿ ಸೋಂಕಿನಿಂದ ಗುಣಮುಖವಾಗಿದ್ದ ಮತ್ತೆ ಕೆಲವರು ಸೋಂಕಿಗೆ ತುತ್ತಾಗುತ್ತಿದ್ದಾರೆ. ಈ ಬಗ್ಗೆ ಅಧ್ಯಯನ ನಡೆಸಲಾಗುತ್ತಿದ್ದು, ಶೀಘ್ರದಲ್ಲೇ ವೈದ್ಯಕೀಯ ವರದಿ ಬಹಿರಂಗ ಪಡಿಸಲಾಗುವುದು ಎಂದು ಹೇಳಿದ್ದಾರೆ. ಒಮ್ಮೆ ಸೋಂಕು ತಗುಲಿ ಗುಣಮುಖರಾದರೆ ಅವರಲ್ಲಿ ರೋಗ ನಿರೋಧಕ ಶಕ್ತಿ ಉತ್ಪತ್ತಿಯಾಗುತ್ತದೆ. ಹೀಗಾಗಿ ಅವರಿಗೆ ಮತ್ತೆ ಸೋಂಕು ತಗುಲುವುದಿಲ್ಲ ಎಂದು ತಜ್ಞರು ಅಭಿಪ್ರಾಯಪಟ್ಟಿದ್ದರು. ಆದರೆ ಇದೀಗ ವೈದ್ಯೆಗೆ ಮತ್ತೆ ಸೋಂಕು ತಗುಲಿರುವುದು ಆತಂಕಕ್ಕೆ ಕಾರಣವಾಗಿದೆ. ಮೂಲಗಳ ಪ್ರಕಾರ ಸ್ತ್ರೀರೋಗತಜ್ಞರಾಗಿ ಕಾರ್ಯ ನಿರ್ವಹಿಸುತ್ತಿದ್ದ ವೈದ್ಯೆ ಮೇ 28ರಂದು ಸೋಂಕಿಗೆ ತುತ್ತಾಗಿದ್ದರು. ಚಿಕಿತ್ಸೆ ಬಳಿಕ ಗುಣಮುಖರಾಗಿದ್ದ ಅವರು ಮತ್ತೆ ಕರ್ತವ್ಯಕ್ಕೆ ಹಾಜರಾಗಿದ್ದರು. ಇದೀಗ ಅವರಿಗೆ ಮತ್ತೆ ಸೋಂಕು ತಗುಲಿದ್ದು ಚಿಕಿತ್ಸೆ ಮುಂದುವರೆದಿದೆ. ಈ ಬಗ್ಗೆ ಮಾಹಿತಿ ನೀಡಿರುವ ತಜ್ಞರು, ಇಂತಹ ಪ್ರಕರಣಗಳು ವಿರಳ. ಆದರೂ ಸಾರ್ವಜನಿಕರು ಎಚ್ಚರಿಕೆ ವಹಿಸಬೇಕು. ಮಾಸ್ಕ್ ಧರಿಸುವುದು, ಸಾಮಾಜಿಕ ಅಂತರ ಕಾಯ್ದುಕೊಳ್ಳುವುದು ಮುಂದುವರೆಸಬೇಕು ಎಂದು ಸಲಹೆ ನೀಡಿದ್ದಾರೆ. ಚೆನ್ನೈನ ಖಾಸಗಿ ಆಸ್ಪತ್ರೆ ಪ್ರಕಾರ ಸೋಂಕಿನ ಪುನರಾವರ್ತನೆ ಕುರಿತು ಹೆಚ್ಚಿನ ಅಧ್ಯಯನ ಅಗತ್ಯವಿದೆ. ಈ ಬಗ್ಗೆ ಸಮಿತಿ ರಚನೆ ಮಾಡಲಾಗಿದ್ದು, ಎರಡು ವಾರಗಳಲ್ಲಿ ವರದಿ ನೀಡಲಿದೆ ಎಂದು ಮೂಲಗಳು ಹೇಳಿವೆ. ರಾಜ್ಯ ಸರ್ಕಾರ ಈ ಕುರಿತು ಸೂಕ್ತ ಕ್ರಮ ಕೈಗೊಳ್ಳಲಿದೆ ಎಂದು ಆರೋಗ್ಯ ಸಚಿವರು ಹೇಳಿದ್ದಾರೆ.
